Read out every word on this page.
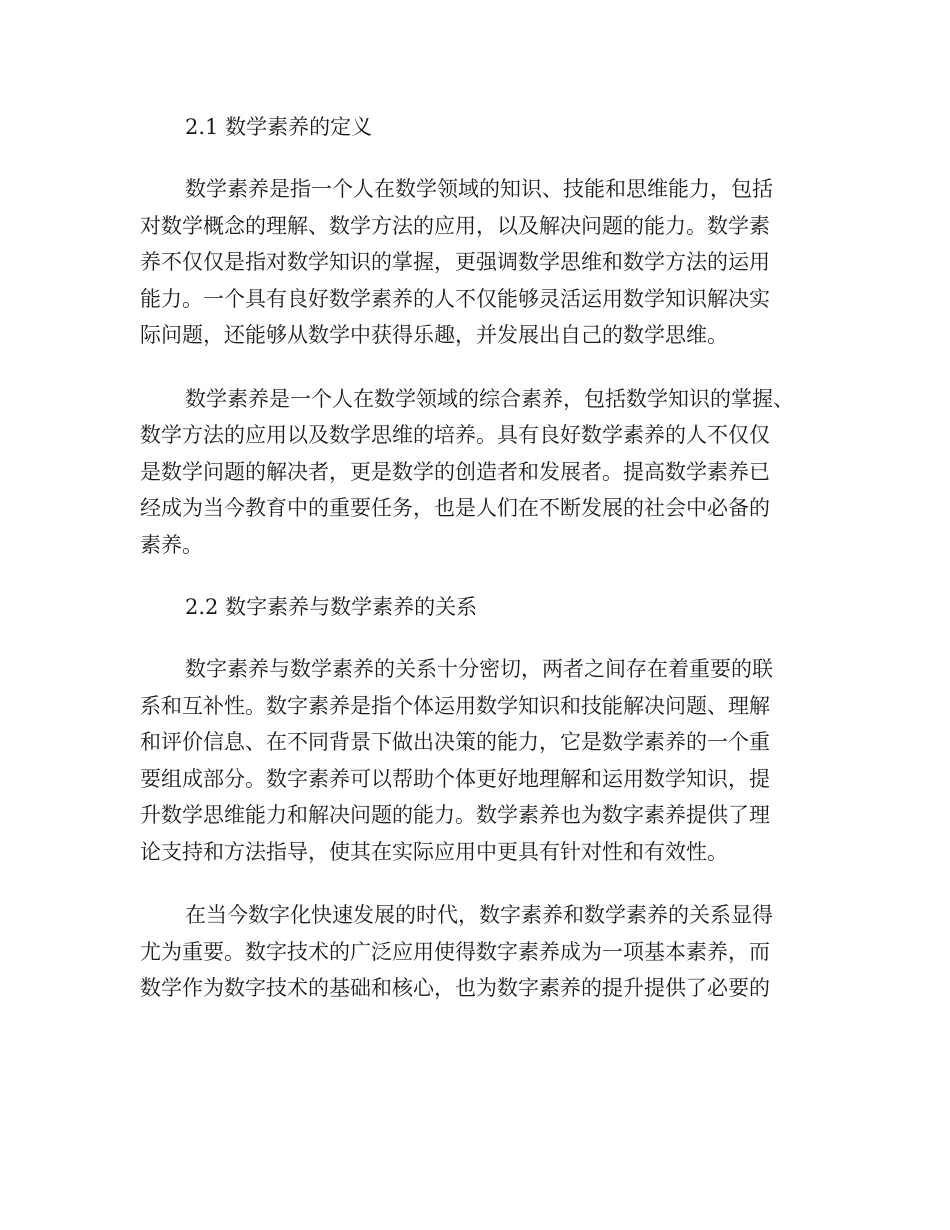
2.1 数学素养的定义

数学素养是指一个人在数学领域的知识、技能和思维能力，包括
对数学概念的理解、数学方法的应用，以及解决问题的能力。数学素
养不仅仅是指对数学知识的掌握，更强调数学思维和数学方法的运用
能力。一个具有良好数学素养的人不仅能够灵活运用数学知识解决实
际问题，还能够从数学中获得乐趣，并发展出自己的数学思维。

数学素养是一个人在数学领域的综合素养，包括数学知识的掌握、
数学方法的应用以及数学思维的培养。具有良好数学素养的人不仅仅
是数学问题的解决者，更是数学的创造者和发展者。提高数学素养已
经成为当今教育中的重要任务，也是人们在不断发展的社会中必备的
素养。

2.2 数字素养与数学素养的关系

数字素养与数学素养的关系十分密切，两者之间存在着重要的联
系和互补性。数字素养是指个体运用数学知识和技能解决问题、理解
和评价信息、在不同背景下做出决策的能力，它是数学素养的一个重
要组成部分。数字素养可以帮助个体更好地理解和运用数学知识，提
升数学思维能力和解决问题的能力。数学素养也为数字素养提供了理
论支持和方法指导，使其在实际应用中更具有针对性和有效性。

在当今数字化快速发展的时代，数字素养和数学素养的关系显得
尤为重要。数字技术的广泛应用使得数字素养成为一项基本素养，而
数学作为数字技术的基础和核心，也为数字素养的提升提供了必要的
